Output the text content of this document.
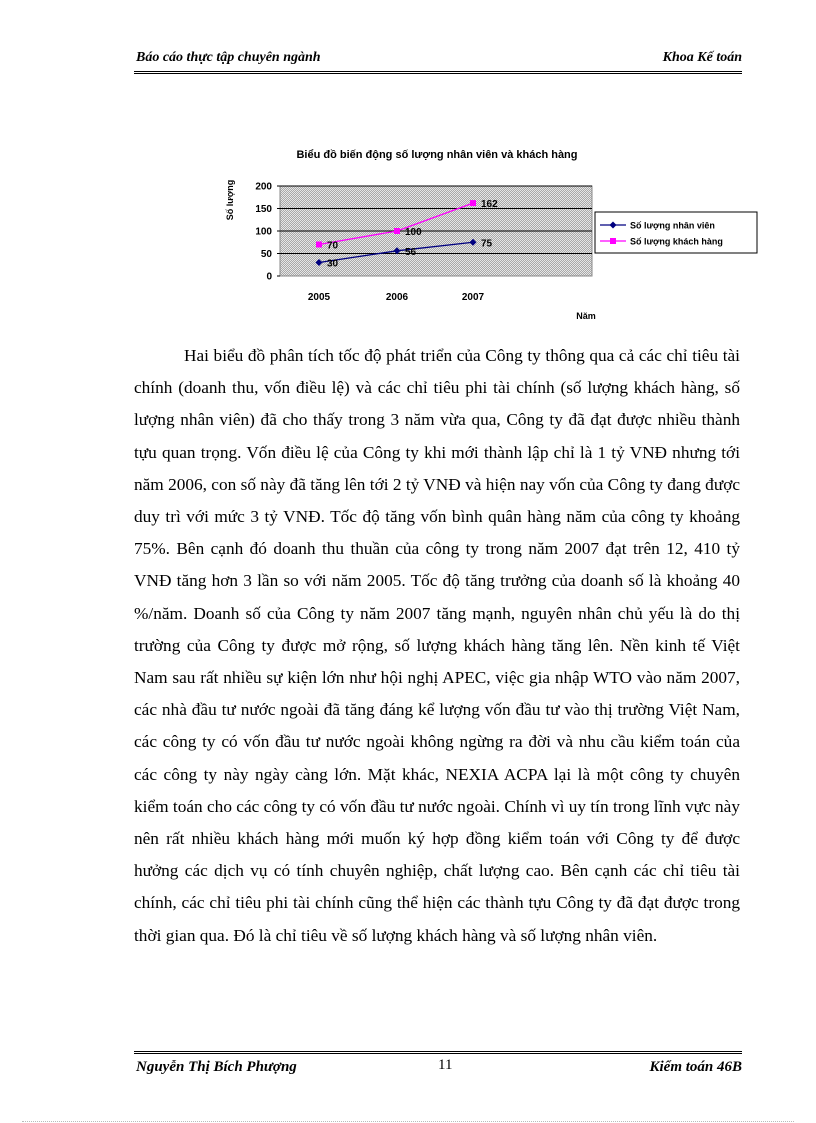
Báo cáo thực tập chuyên ngành	Khoa Kế toán
Biểu đồ biến động số lượng nhân viên và khách hàng
0
50
100
150
200
2005	2006	2007
30
56
75
70
100
162
Số lượng
Năm
Số lượng nhân viên
Số lượng khách hàng

Hai biểu đồ phân tích tốc độ phát triển của Công ty thông qua cả các chỉ tiêu tài chính (doanh thu, vốn điều lệ) và các chỉ tiêu phi tài chính (số lượng khách hàng, số lượng nhân viên) đã cho thấy trong 3 năm vừa qua, Công ty đã đạt được nhiều thành tựu quan trọng. Vốn điều lệ của Công ty khi mới thành lập chỉ là 1 tỷ VNĐ nhưng tới năm 2006, con số này đã tăng lên tới 2 tỷ VNĐ và hiện nay vốn của Công ty đang được duy trì với mức 3 tỷ VNĐ. Tốc độ tăng vốn bình quân hàng năm của công ty khoảng 75%. Bên cạnh đó doanh thu thuần của công ty trong năm 2007 đạt trên 12, 410 tỷ VNĐ tăng hơn 3 lần so với năm 2005. Tốc độ tăng trưởng của doanh số là khoảng 40 %/năm. Doanh số của Công ty năm 2007 tăng mạnh, nguyên nhân chủ yếu là do thị trường của Công ty được mở rộng, số lượng khách hàng tăng lên. Nền kinh tế Việt Nam sau rất nhiều sự kiện lớn như hội nghị APEC, việc gia nhập WTO vào năm 2007, các nhà đầu tư nước ngoài đã tăng đáng kể lượng vốn đầu tư vào thị trường Việt Nam, các công ty có vốn đầu tư nước ngoài không ngừng ra đời và nhu cầu kiểm toán của các công ty này ngày càng lớn. Mặt khác, NEXIA ACPA lại là một công ty chuyên kiểm toán cho các công ty có vốn đầu tư nước ngoài. Chính vì uy tín trong lĩnh vực này nên rất nhiều khách hàng mới muốn ký hợp đồng kiểm toán với Công ty để được hưởng các dịch vụ có tính chuyên nghiệp, chất lượng cao. Bên cạnh các chỉ tiêu tài chính, các chỉ tiêu phi tài chính cũng thể hiện các thành tựu Công ty đã đạt được trong thời gian qua. Đó là chỉ tiêu về số lượng khách hàng và số lượng nhân viên.

Nguyễn Thị Bích Phượng	11	Kiểm toán 46B
